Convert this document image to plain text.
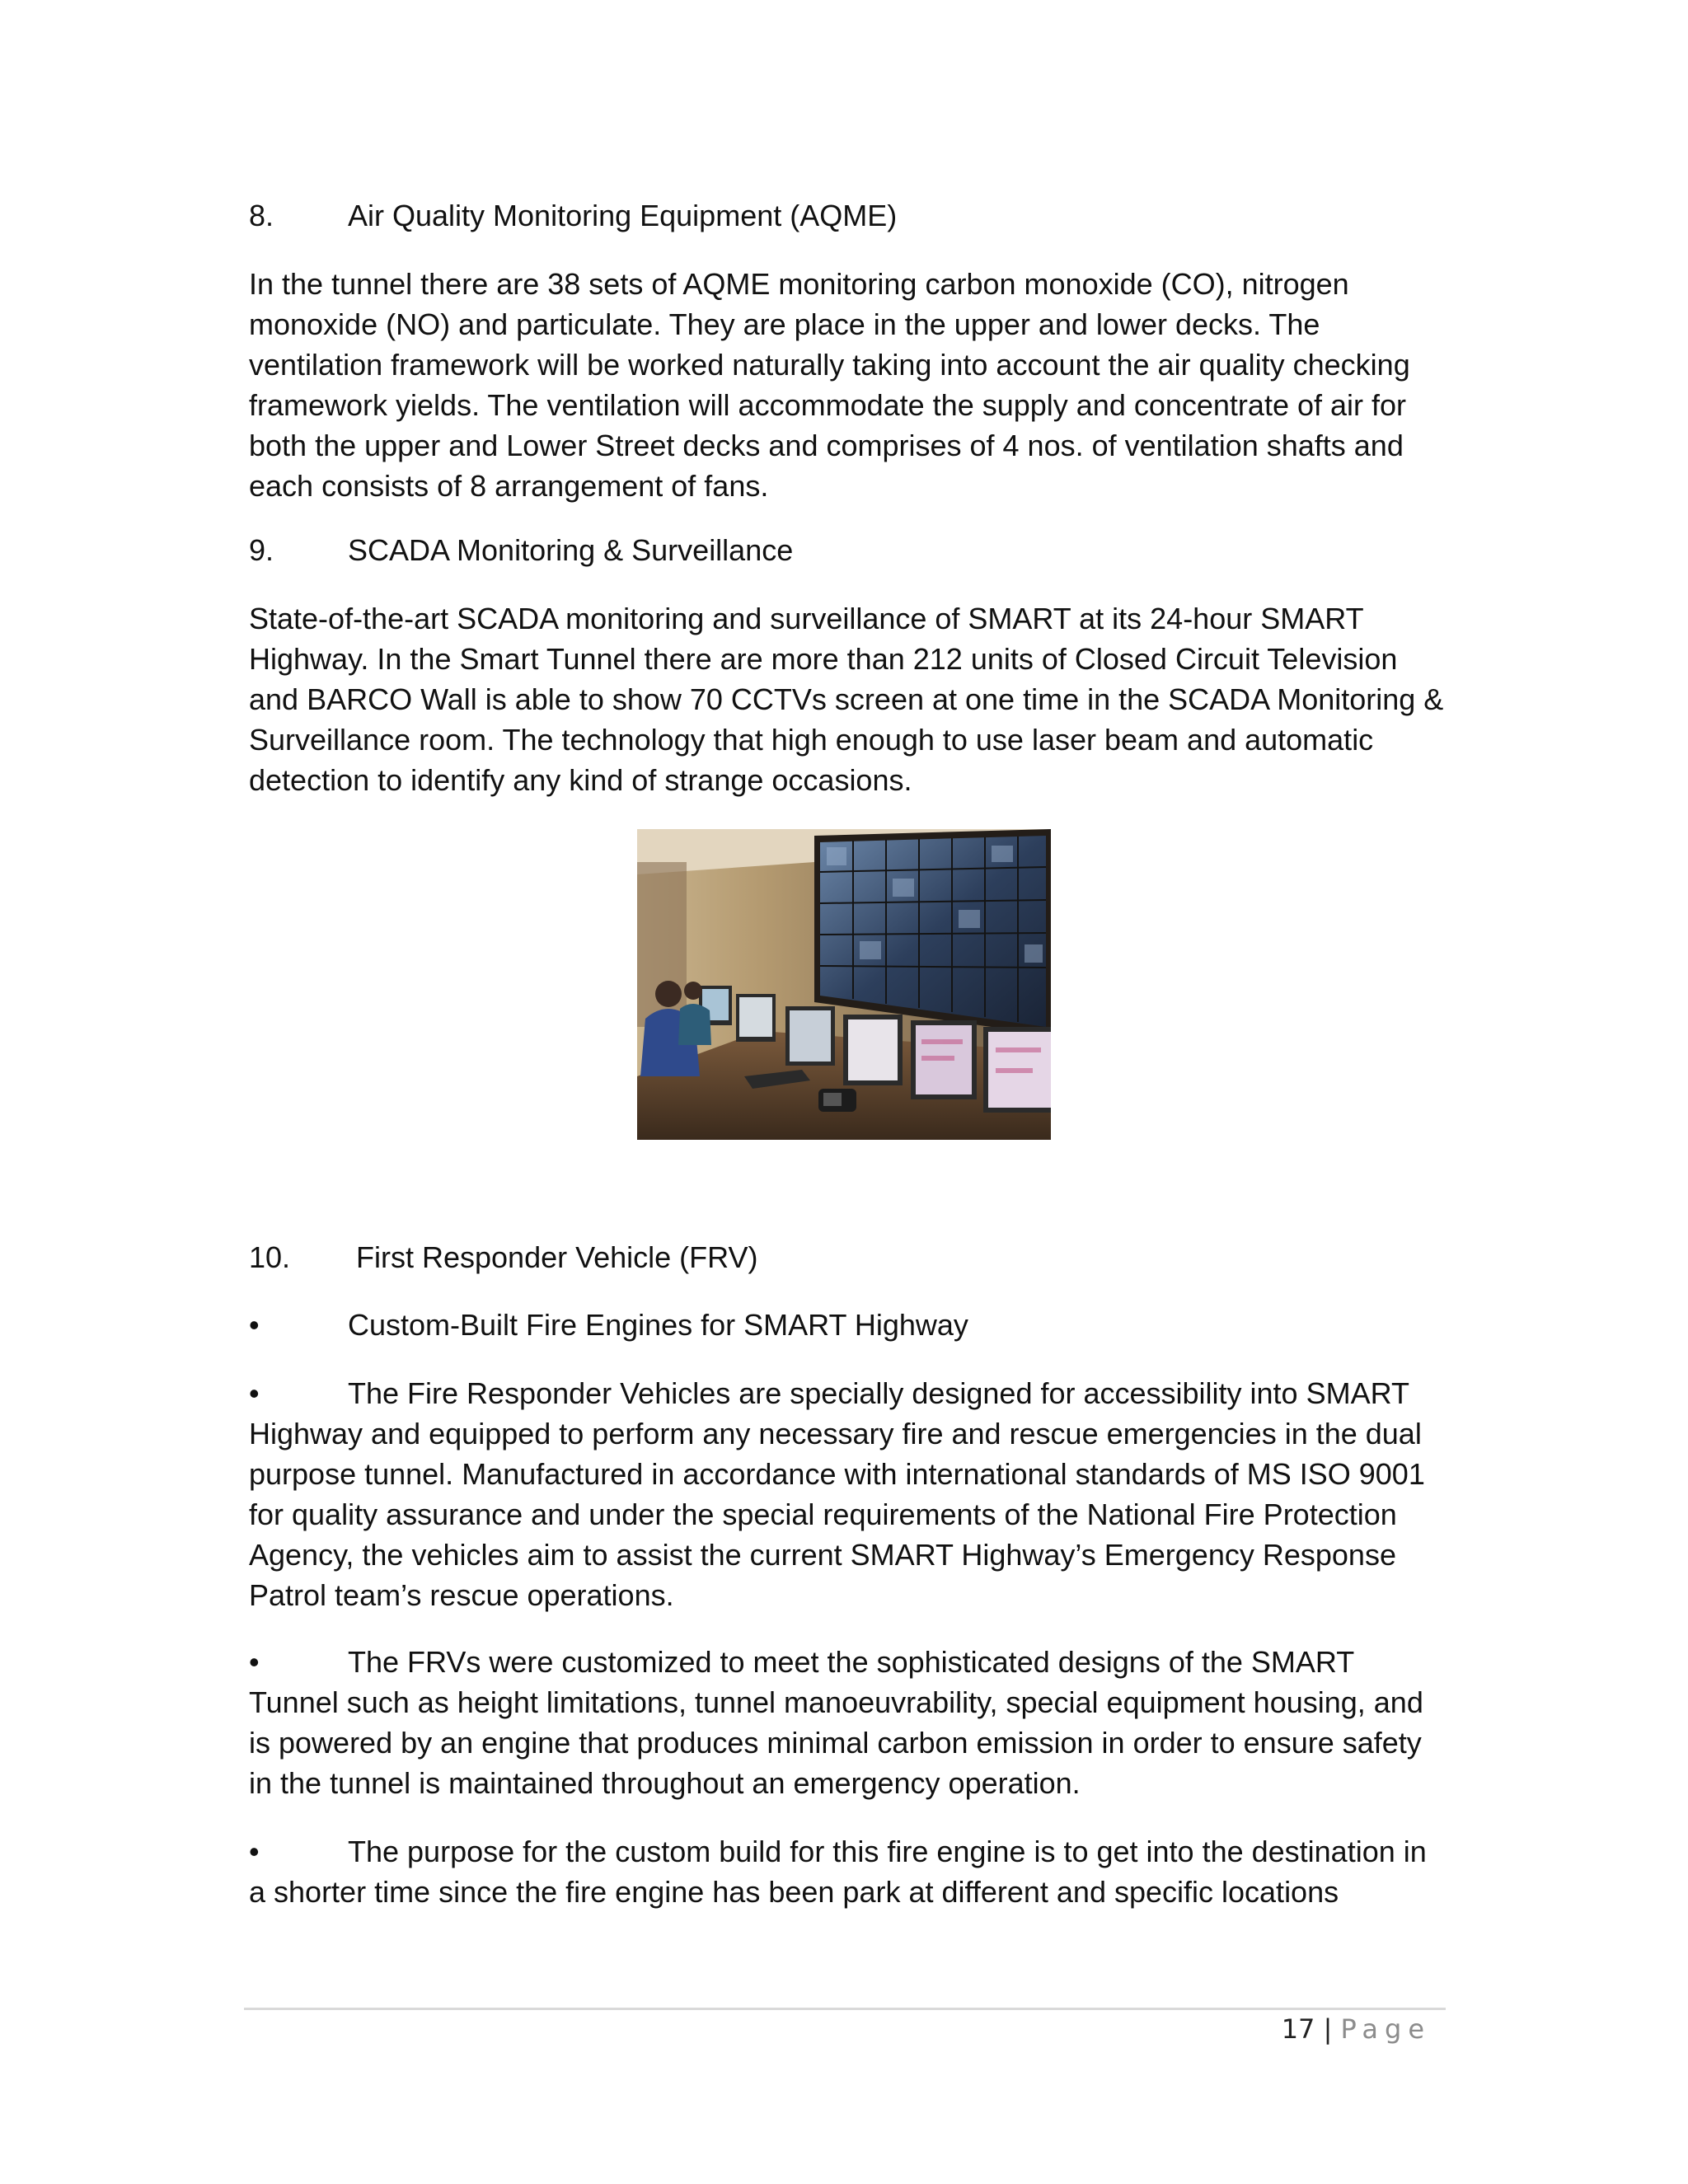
8. Air Quality Monitoring Equipment (AQME)
In the tunnel there are 38 sets of AQME monitoring carbon monoxide (CO), nitrogen monoxide (NO) and particulate. They are place in the upper and lower decks. The ventilation framework will be worked naturally taking into account the air quality checking framework yields. The ventilation will accommodate the supply and concentrate of air for both the upper and Lower Street decks and comprises of 4 nos. of ventilation shafts and each consists of 8 arrangement of fans.
9. SCADA Monitoring & Surveillance
State-of-the-art SCADA monitoring and surveillance of SMART at its 24-hour SMART Highway. In the Smart Tunnel there are more than 212 units of Closed Circuit Television and BARCO Wall is able to show 70 CCTVs screen at one time in the SCADA Monitoring & Surveillance room. The technology that high enough to use laser beam and automatic detection to identify any kind of strange occasions.
10. First Responder Vehicle (FRV)
•	Custom-Built Fire Engines for SMART Highway
•	The Fire Responder Vehicles are specially designed for accessibility into SMART Highway and equipped to perform any necessary fire and rescue emergencies in the dual purpose tunnel. Manufactured in accordance with international standards of MS ISO 9001 for quality assurance and under the special requirements of the National Fire Protection Agency, the vehicles aim to assist the current SMART Highway’s Emergency Response Patrol team’s rescue operations.
•	The FRVs were customized to meet the sophisticated designs of the SMART Tunnel such as height limitations, tunnel manoeuvrability, special equipment housing, and is powered by an engine that produces minimal carbon emission in order to ensure safety in the tunnel is maintained throughout an emergency operation.
•	The purpose for the custom build for this fire engine is to get into the destination in a shorter time since the fire engine has been park at different and specific locations
17 | Page
